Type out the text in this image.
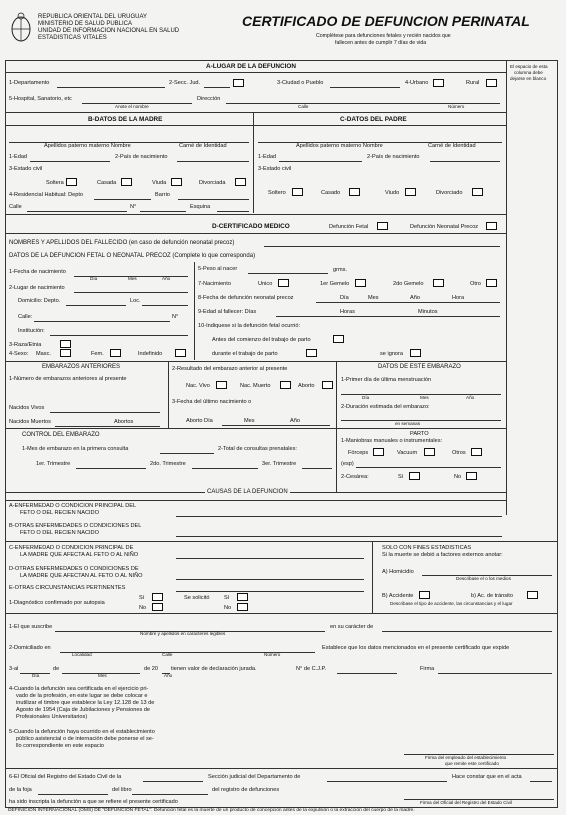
REPUBLICA ORIENTAL DEL URUGUAY
MINISTERIO DE SALUD PUBLICA
UNIDAD DE INFORMACION NACIONAL EN SALUD
ESTADISTICAS VITALES
CERTIFICADO DE DEFUNCION PERINATAL
Complétese para defunciones fetales y recién nacidos que
fallecen antes de cumplir 7 días de vida
El espacio de esta
columna debe
dejarse en blanco
A-LUGAR DE LA DEFUNCION
1-Departamento	2-Secc. Jud.	3-Ciudad o Pueblo	4-Urbano	Rural
5-Hospital, Sanatorio, etc	Dirección
Anote el nombre	Calle	Número
B-DATOS DE LA MADRE	C-DATOS DEL PADRE
Apellidos paterno materno Nombre	Carné de Identidad
1-Edad	2-País de nacimiento
3-Estado civil
Soltera	Casada	Viuda	Divorciada
4-Residencial Habitual: Depto	Barrio
Calle	N°	Esquina
Apellidos paterno materno Nombre	Carné de Identidad
1-Edad	2-País de nacimiento
3-Estado civil
Soltero	Casado	Viudo	Divorciado
D-CERTIFICADO MEDICO	Defunción Fetal	Defunción Neonatal Precoz
NOMBRES Y APELLIDOS DEL FALLECIDO (en caso de defunción neonatal precoz)
DATOS DE LA DEFUNCION FETAL O NEONATAL PRECOZ (Complete lo que corresponda)
1-Fecha de nacimiento
Día	Mes	Año
2-Lugar de nacimiento
Domicilio: Depto.	Loc.
Calle:	N°
Institución:
3-Raza/Etnia
4-Sexo: Masc.	Fem.	Indefinido
5-Peso al nacer	grms.
7-Nacimiento	Unico	1er Gemelo	2do Gemelo	Otro
8-Fecha de defunción neonatal precoz	Día	Mes	Año	Hora
9-Edad al fallecer: Días	Horas	Minutos
10-Indiquese si la defunción fetal ocurrió:
Antes del comienzo del trabajo de parto
durante el trabajo de parto	se ignora
EMBARAZOS ANTERIORES
1-Número de embarazos anteriores al presente
Nacidos Vivos
Nacidos Muertos	Abortos
2-Resultado del embarazo anterior al presente
Nac. Vivo	Nac. Muerto	Aborto
3-Fecha del último nacimiento o
Aborto Día	Mes	Año
DATOS DE ESTE EMBARAZO
1-Primer día de última menstruación
Día	Mes	Año
2-Duración estimada del embarazo:
en semanas
CONTROL DEL EMBARAZO
1-Mes de embarazo en la primera consulta	2-Total de consultas prenatales:
1er. Trimestre	2do. Trimestre	3er. Trimestre
PARTO
1-Maniobras manuales o instrumentales:
Fórceps	Vacuum	Otros
(esp)
2-Cesárea:	Sí	No
CAUSAS DE LA DEFUNCION
A-ENFERMEDAD O CONDICION PRINCIPAL DEL
FETO O DEL RECIEN NACIDO
B-OTRAS ENFERMEDADES O CONDICIONES DEL
FETO O DEL RECIEN NACIDO
C-ENFERMEDAD O CONDICION PRINCIPAL DE
LA MADRE QUE AFECTA AL FETO O AL NIÑO
D-OTRAS ENFERMEDADES O CONDICIONES DE
LA MADRE QUE AFECTAN AL FETO O AL NIÑO
E-OTRAS CIRCUNSTANCIAS PERTINENTES
1-Diagnóstico confirmado por autopsia
Sí
No
Se solicitó	Sí
No
SOLO CON FINES ESTADISTICAS
Si la muerte se debió a factores externos anotar:
A) Homicidio
Describase el o los medios
B) Accidente	b) Ac. de tránsito
Describase el tipo de accidente, las circunstancias y el lugar
1-El que suscribe	en su carácter de
Nombre y apellidos en caracteres legibles
2-Domiciliado en
Localidad	Calle	Número
Establece que los datos mencionados en el presente certificado que expide
3-al	de	de 20 tienen valor de declaración jurada.	N° de C.J.P.	Firma
Día	Mes	Año
4-Cuando la defunción sea certificada en el ejercicio pri-
vado de la profesión, en este lugar se debe colocar e
inutilizar el timbre que establece la Ley 12.128 de 13 de
Agosto de 1954 (Caja de Jubilaciones y Pensiones de
Profesionales Universitarios)
5-Cuando la defunción haya ocurrido en el establecimiento
público asistencial o de internación debe ponerse el se-
llo correspondiente en este espacio
Firma del empleado del establecimiento
que remite este certificado
6-El Oficial del Registro del Estado Civil de la	Sección judicial del Departamento de	Hace constar que en el acta
de la foja	del libro	del registro de defunciones
ha sido inscripta la defunción a que se refiere el presente certificado	Firma del Oficial del Registro del Estado Civil
DEFINICION INTERNACIONAL (OMS) DE "DEFUNCION FETAL": Defunción fetal es la muerte de un producto de concepción antes de la expulsión o la extracción del cuerpo de la madre.
